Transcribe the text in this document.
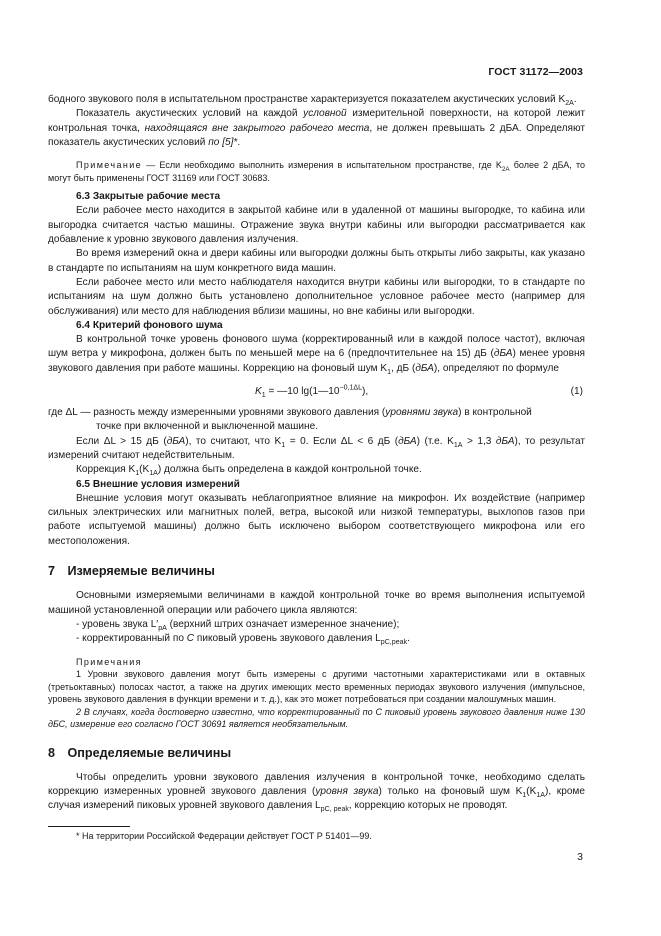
ГОСТ 31172—2003

бодного звукового поля в испытательном пространстве характеризуется показателем акустических условий $K_{2A}$.

Показатель акустических условий на каждой условной измерительной поверхности, на которой лежит контрольная точка, находящаяся вне закрытого рабочего места, не должен превышать 2 дБА. Определяют показатель акустических условий по [5]*.

Примечание — Если необходимо выполнить измерения в испытательном пространстве, где $K_{2A}$ более 2 дБА, то могут быть применены ГОСТ 31169 или ГОСТ 30683.

6.3 Закрытые рабочие места

Если рабочее место находится в закрытой кабине или в удаленной от машины выгородке, то кабина или выгородка считается частью машины. Отражение звука внутри кабины или выгородки рассматривается как добавление к уровню звукового давления излучения.

Во время измерений окна и двери кабины или выгородки должны быть открыты либо закрыты, как указано в стандарте по испытаниям на шум конкретного вида машин.

Если рабочее место или место наблюдателя находится внутри кабины или выгородки, то в стандарте по испытаниям на шум должно быть установлено дополнительное условное рабочее место (например для обслуживания) или место для наблюдения вблизи машины, но вне кабины или выгородки.

6.4 Критерий фонового шума

В контрольной точке уровень фонового шума (корректированный или в каждой полосе частот), включая шум ветра у микрофона, должен быть по меньшей мере на 6 (предпочтительнее на 15) дБ (дБА) менее уровня звукового давления при работе машины. Коррекцию на фоновый шум $K_1$, дБ (дБА), определяют по формуле

$K_1$ = —10 $\lg(1—10^{-0,1\Delta L})$,	(1)

где ΔL — разность между измеренными уровнями звукового давления (уровнями звука) в контрольной
точке при включенной и выключенной машине.

Если ΔL > 15 дБ (дБА), то считают, что $K_1 = 0$. Если ΔL < 6 дБ (дБА) (т.е. $K_{1A} > 1,3$ дБА), то результат измерений считают недействительным.

Коррекция $K_1(K_{1A})$ должна быть определена в каждой контрольной точке.

6.5 Внешние условия измерений

Внешние условия могут оказывать неблагоприятное влияние на микрофон. Их воздействие (например сильных электрических или магнитных полей, ветра, высокой или низкой температуры, выхлопов газов при работе испытуемой машины) должно быть исключено выбором соответствующего микрофона или его местоположения.

7 Измеряемые величины

Основными измеряемыми величинами в каждой контрольной точке во время выполнения испытуемой машиной установленной операции или рабочего цикла являются:

- уровень звука $L'_{pA}$ (верхний штрих означает измеренное значение);

- корректированный по С пиковый уровень звукового давления $L_{pC,peak}$.

Примечания

1 Уровни звукового давления могут быть измерены с другими частотными характеристиками или в октавных (третьоктавных) полосах частот, а также на других имеющих место временных периодах звукового излучения (импульсное, уровень звукового давления в функции времени и т. д.), как это может потребоваться при создании малошумных машин.

2 В случаях, когда достоверно известно, что корректированный по С пиковый уровень звукового давления ниже 130 дБС, измерение его согласно ГОСТ 30691 является необязательным.

8 Определяемые величины

Чтобы определить уровни звукового давления излучения в контрольной точке, необходимо сделать коррекцию измеренных уровней звукового давления (уровня звука) только на фоновый шум $K_1(K_{1A})$, кроме случая измерений пиковых уровней звукового давления $L_{pC, peak}$, коррекцию которых не проводят.

* На территории Российской Федерации действует ГОСТ Р 51401—99.
3
